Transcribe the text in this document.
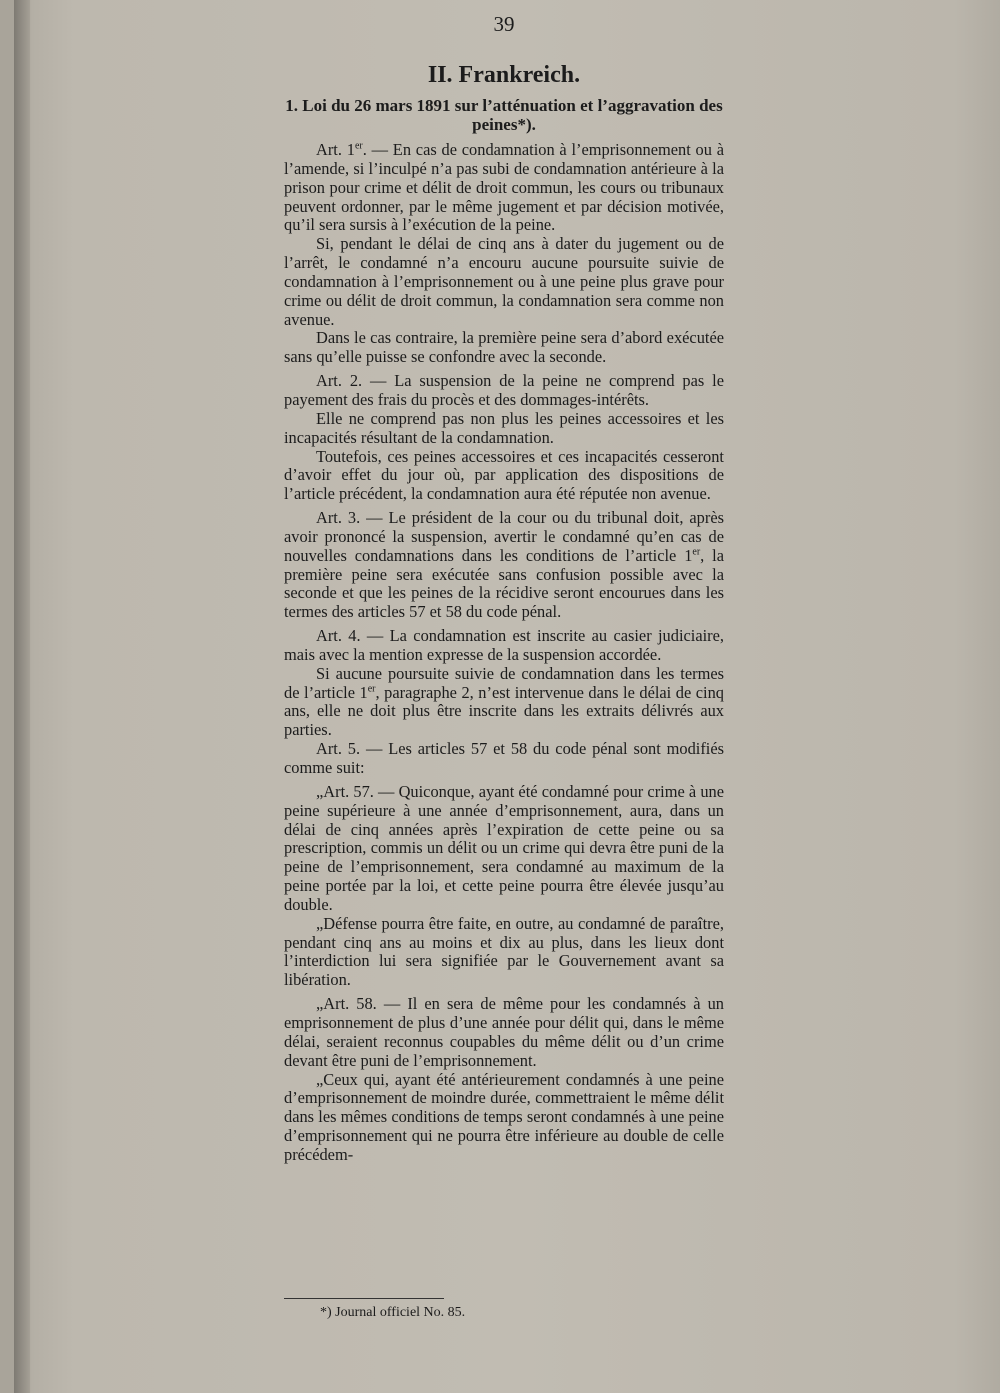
39
II. Frankreich.
1. Loi du 26 mars 1891 sur l’atténuation et l’aggravation des peines*).

Art. 1er. — En cas de condamnation à l’emprisonnement ou à l’amende, si l’inculpé n’a pas subi de condamnation antérieure à la prison pour crime et délit de droit commun, les cours ou tribunaux peuvent ordonner, par le même jugement et par décision motivée, qu’il sera sursis à l’exécution de la peine.

Si, pendant le délai de cinq ans à dater du jugement ou de l’arrêt, le condamné n’a encouru aucune poursuite suivie de condamnation à l’emprisonnement ou à une peine plus grave pour crime ou délit de droit commun, la condamnation sera comme non avenue.

Dans le cas contraire, la première peine sera d’abord exécutée sans qu’elle puisse se confondre avec la seconde.

Art. 2. — La suspension de la peine ne comprend pas le payement des frais du procès et des dommages-intérêts.

Elle ne comprend pas non plus les peines accessoires et les incapacités résultant de la condamnation.

Toutefois, ces peines accessoires et ces incapacités cesseront d’avoir effet du jour où, par application des dispositions de l’article précédent, la condamnation aura été réputée non avenue.

Art. 3. — Le président de la cour ou du tribunal doit, après avoir prononcé la suspension, avertir le condamné qu’en cas de nouvelles condamnations dans les conditions de l’article 1er, la première peine sera exécutée sans confusion possible avec la seconde et que les peines de la récidive seront encourues dans les termes des articles 57 et 58 du code pénal.

Art. 4. — La condamnation est inscrite au casier judiciaire, mais avec la mention expresse de la suspension accordée.

Si aucune poursuite suivie de condamnation dans les termes de l’article 1er, paragraphe 2, n’est intervenue dans le délai de cinq ans, elle ne doit plus être inscrite dans les extraits délivrés aux parties.

Art. 5. — Les articles 57 et 58 du code pénal sont modifiés comme suit:

„Art. 57. — Quiconque, ayant été condamné pour crime à une peine supérieure à une année d’emprisonnement, aura, dans un délai de cinq années après l’expiration de cette peine ou sa prescription, commis un délit ou un crime qui devra être puni de la peine de l’emprisonnement, sera condamné au maximum de la peine portée par la loi, et cette peine pourra être élevée jusqu’au double.

„Défense pourra être faite, en outre, au condamné de paraître, pendant cinq ans au moins et dix au plus, dans les lieux dont l’interdiction lui sera signifiée par le Gouvernement avant sa libération.

„Art. 58. — Il en sera de même pour les condamnés à un emprisonnement de plus d’une année pour délit qui, dans le même délai, seraient reconnus coupables du même délit ou d’un crime devant être puni de l’emprisonnement.

„Ceux qui, ayant été antérieurement condamnés à une peine d’emprisonnement de moindre durée, commettraient le même délit dans les mêmes conditions de temps seront condamnés à une peine d’emprisonnement qui ne pourra être inférieure au double de celle précédem-

*) Journal officiel No. 85.
